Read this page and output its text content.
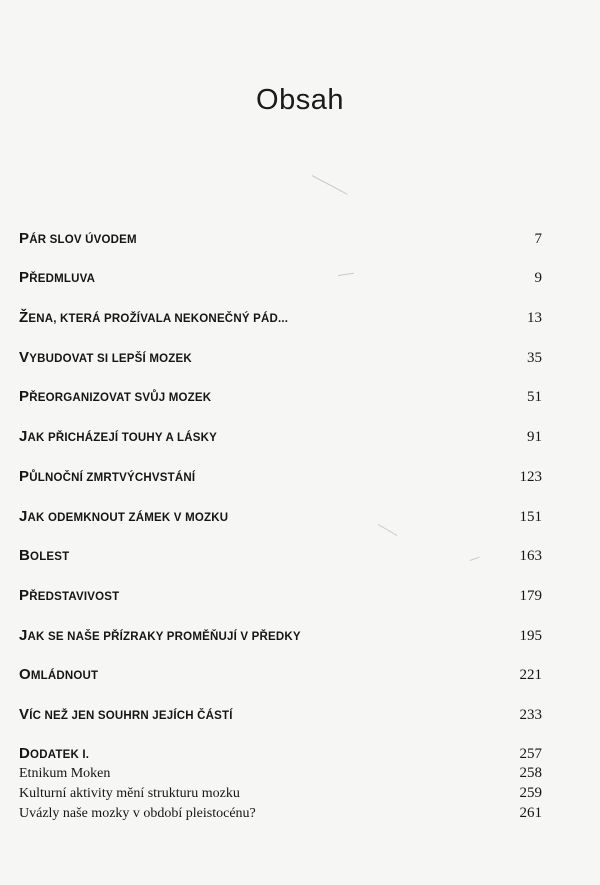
Obsah
PÁR SLOV ÚVODEM	7
PŘEDMLUVA	9
ŽENA, KTERÁ PROŽÍVALA NEKONEČNÝ PÁD...	13
VYBUDOVAT SI LEPŠÍ MOZEK	35
PŘEORGANIZOVAT SVŮJ MOZEK	51
JAK PŘICHÁZEJÍ TOUHY A LÁSKY	91
PŮLNOČNÍ ZMRTVÝCHVSTÁNÍ	123
JAK ODEMKNOUT ZÁMEK V MOZKU	151
BOLEST	163
PŘEDSTAVIVOST	179
JAK SE NAŠE PŘÍZRAKY PROMĚŇUJÍ V PŘEDKY	195
OMLÁDNOUT	221
VÍC NEŽ JEN SOUHRN JEJÍCH ČÁSTÍ	233
DODATEK I.	257
Etnikum Moken	258
Kulturní aktivity mění strukturu mozku	259
Uvázly naše mozky v období pleistocénu?	261
